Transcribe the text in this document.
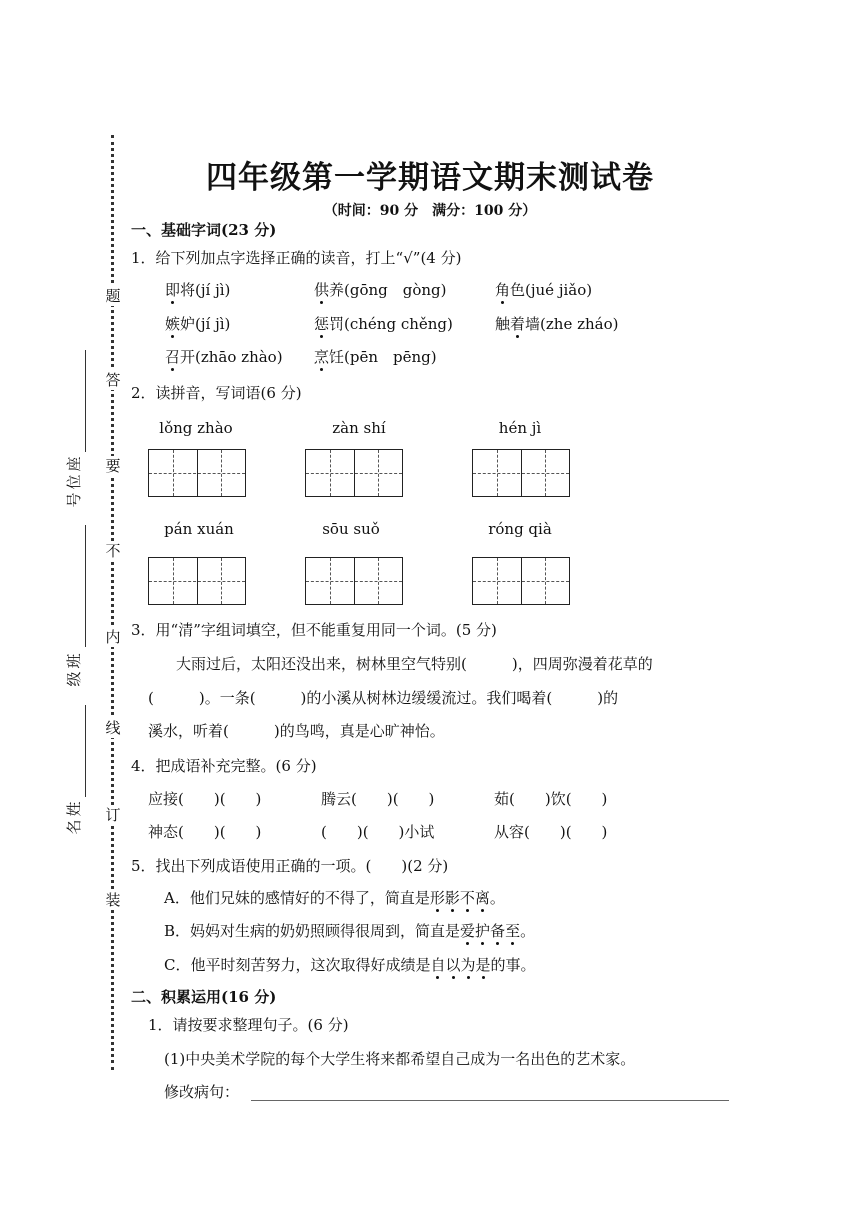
题
答
要
不
内
线
订
装
座
位
号
班
级
姓
名
四年级第一学期语文期末测试卷
（时间：90 分　满分：100 分）
一、基础字词(23 分)
1．给下列加点字选择正确的读音，打上“√”(4 分)
即将(jí jì)	供养(gōng　gòng)	角色(jué jiǎo)
嫉妒(jí jì)	惩罚(chéng chěng)	触着墙(zhe zháo)
召开(zhāo zhào) 烹饪(pēn　pēng)
2．读拼音，写词语(6 分)
lǒng zhào	zàn shí	hén jì
pán xuán	sōu suǒ	róng qià
3．用“清”字组词填空，但不能重复用同一个词。(5 分)
大雨过后，太阳还没出来，树林里空气特别(　　　)，四周弥漫着花草的
(　　　)。一条(　　　)的小溪从树林边缓缓流过。我们喝着(　　　)的
溪水，听着(　　　)的鸟鸣，真是心旷神怡。
4．把成语补充完整。(6 分)
应接(　　)(　　)	腾云(　　)(　　)	茹(　　)饮(　　)
神态(　　)(　　)	(　　)(　　)小试	从容(　　)(　　)
5．找出下列成语使用正确的一项。(　　)(2 分)
A．他们兄妹的感情好的不得了，简直是形影不离。
B．妈妈对生病的奶奶照顾得很周到，简直是爱护备至。
C．他平时刻苦努力，这次取得好成绩是自以为是的事。
二、积累运用(16 分)
1．请按要求整理句子。(6 分)
(1)中央美术学院的每个大学生将来都希望自己成为一名出色的艺术家。
修改病句：
